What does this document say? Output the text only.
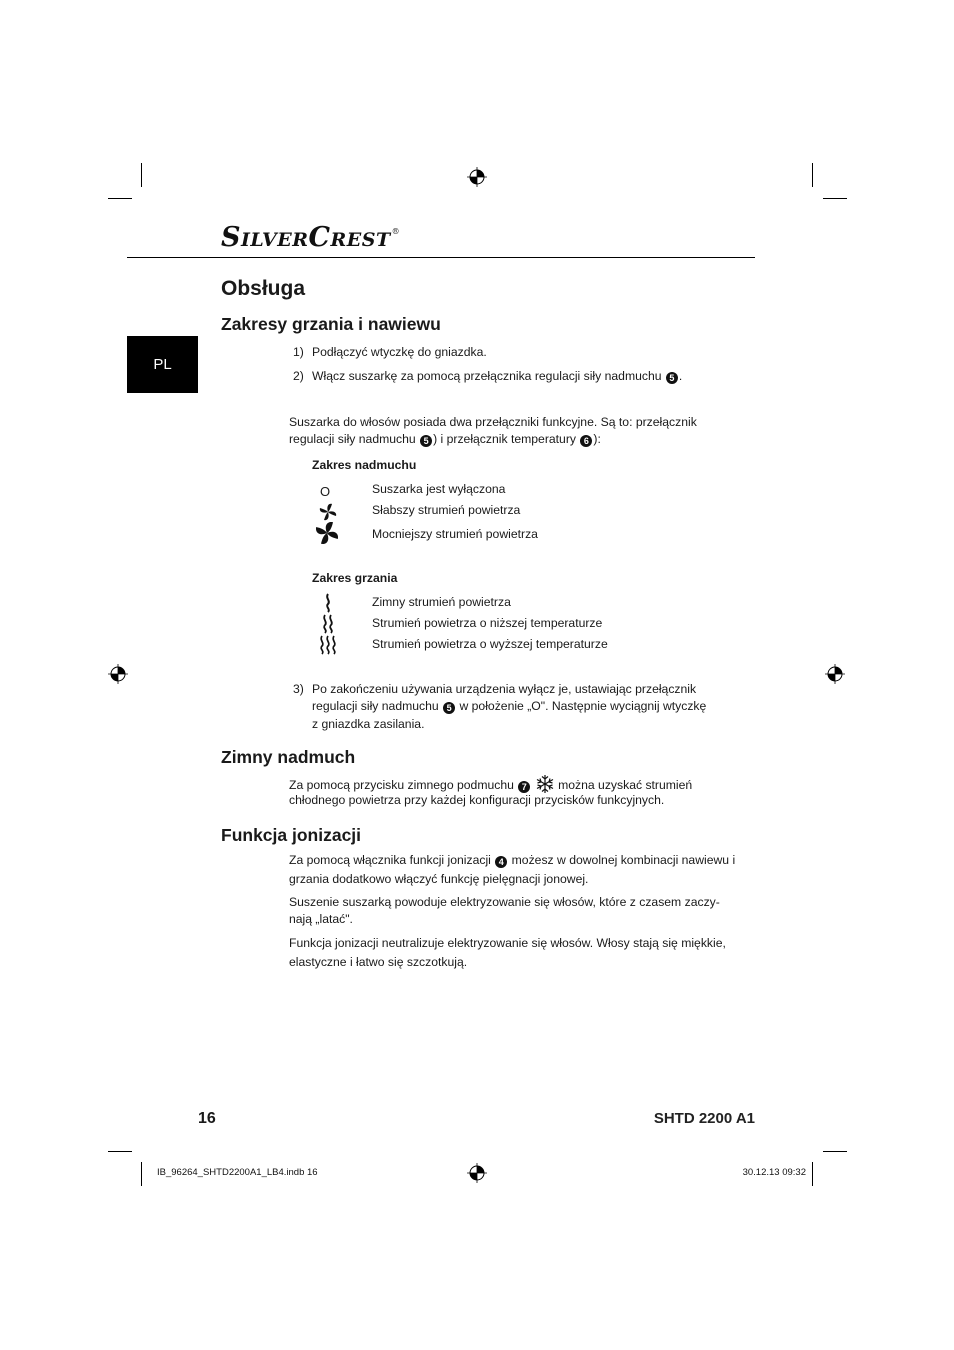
SILVERCREST®
PL
Obsługa
Zakresy grzania i nawiewu
1) Podłączyć wtyczkę do gniazdka.
2) Włącz suszarkę za pomocą przełącznika regulacji siły nadmuchu 5 .
Suszarka do włosów posiada dwa przełączniki funkcyjne. Są to: przełącznik
regulacji siły nadmuchu 5 ) i przełącznik temperatury 6 ):
Zakres nadmuchu
O	Suszarka jest wyłączona
Słabszy strumień powietrza
Mocniejszy strumień powietrza
Zakres grzania
Zimny strumień powietrza
Strumień powietrza o niższej temperaturze
Strumień powietrza o wyższej temperaturze
3) Po zakończeniu używania urządzenia wyłącz je, ustawiając przełącznik
regulacji siły nadmuchu 5 w położenie „O". Następnie wyciągnij wtyczkę
z gniazdka zasilania.
Zimny nadmuch
Za pomocą przycisku zimnego podmuchu 7	można uzyskać strumień
chłodnego powietrza przy każdej konfiguracji przycisków funkcyjnych.
Funkcja jonizacji
Za pomocą włącznika funkcji jonizacji 4 możesz w dowolnej kombinacji nawiewu i
grzania dodatkowo włączyć funkcję pielęgnacji jonowej.
Suszenie suszarką powoduje elektryzowanie się włosów, które z czasem zaczy-
nają „latać".
Funkcja jonizacji neutralizuje elektryzowanie się włosów. Włosy stają się miękkie,
elastyczne i łatwo się szczotkują.
16	SHTD 2200 A1
IB_96264_SHTD2200A1_LB4.indb 16	30.12.13 09:32
